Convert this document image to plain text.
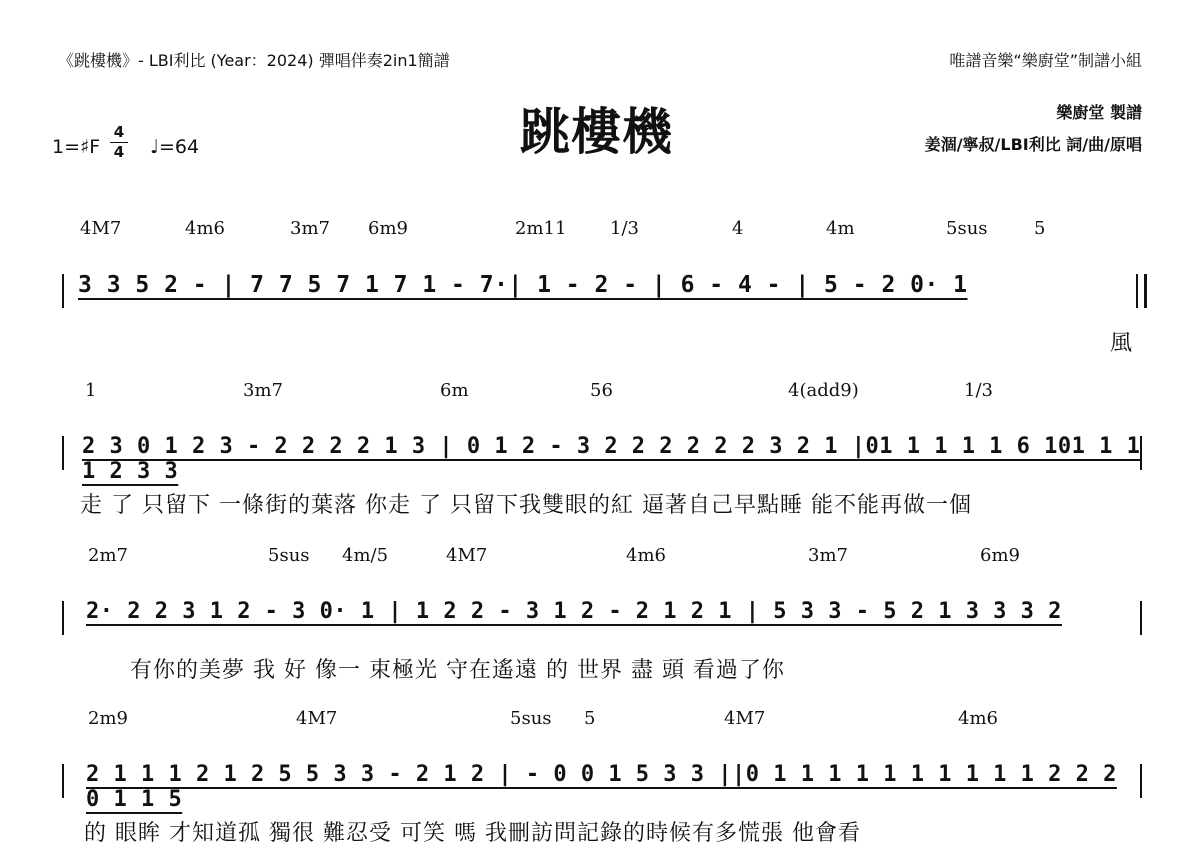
《跳樓機》- LBI利比 (Year：2024) 彈唱伴奏2in1簡譜	唯譜音樂“樂廚堂”制譜小組
跳樓機	樂廚堂 製譜
姜涸/寧叔/LBI利比 詞/曲/原唱
1=♯F
4
4 ♩=64
4M7	4m6	3m7 6m9	2m11 1/3	4	4m	5sus	5
3 3 5 2 - | 7 7 5 7 1 7 1 - 7·| 1 - 2 - | 6 - 4 - | 5 - 2 0· 1
風
1	3m7	6m	56	4(add9)	1/3
2 3 0 1 2 3 - 2 2 2 2 1 3 | 0 1 2 - 3 2 2 2 2 2 2 3 2 1 |01 1 1 1 1 6 101 1 1 1 2 3 3
走 了 只留下 一條街的葉落 你走 了 只留下我雙眼的紅 逼著自己早點睡 能不能再做一個
2m7	5sus 4m/5	4M7	4m6	3m7	6m9
2· 2 2 3 1 2 - 3 0· 1 | 1 2 2 - 3 1 2 - 2 1 2 1 | 5 3 3 - 5 2 1 3 3 3 2
有你的美夢 我 好 像一 束極光 守在遙遠 的 世界 盡 頭 看過了你
2m9	4M7	5sus 5	4M7	4m6
2 1 1 1 2 1 2 5 5 3 3 - 2 1 2 | - 0 0 1 5 3 3 ||0 1 1 1 1 1 1 1 1 1 1 2 2 2 0 1 1 5
的 眼眸 才知道孤 獨很 難忍受 可笑 嗎 我刪訪問記錄的時候有多慌張 他會看
